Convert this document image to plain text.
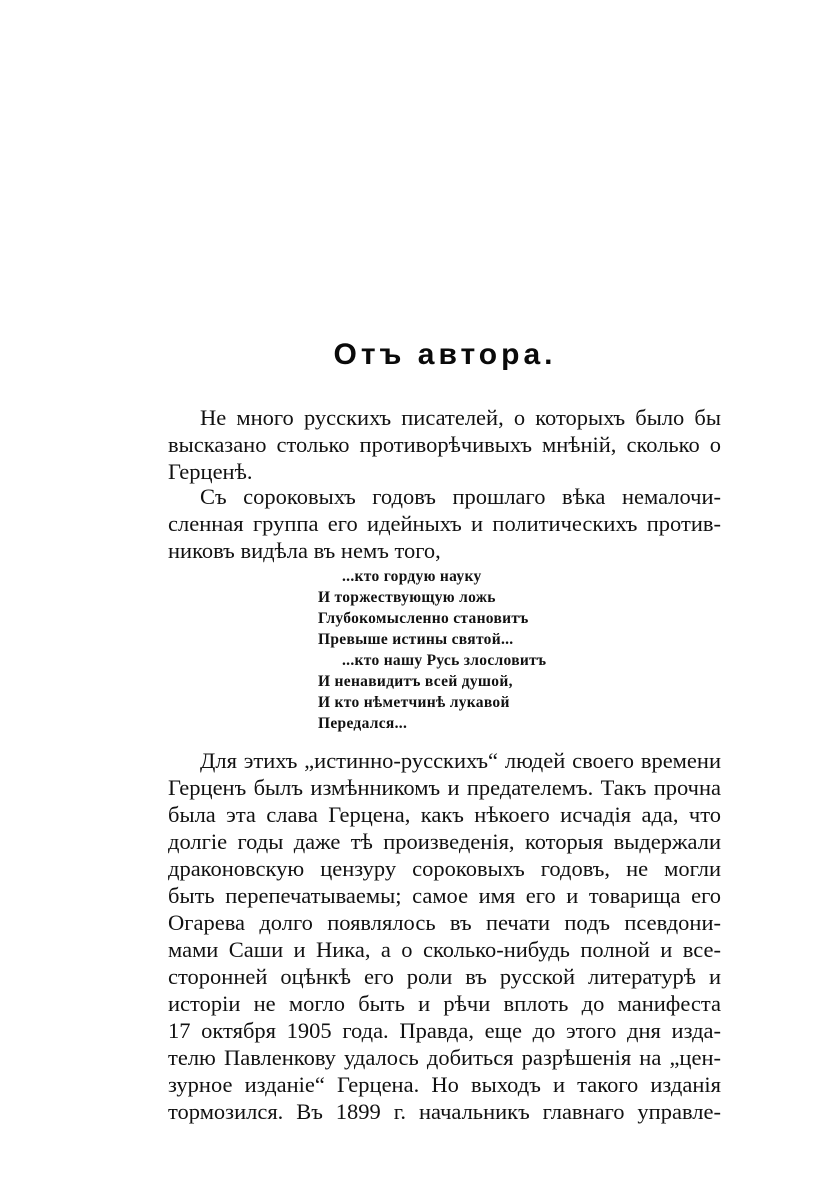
Отъ автора.
Не много русскихъ писателей, о которыхъ было бы
высказано столько противорѣчивыхъ мнѣній, сколько о
Герценѣ.
Съ сороковыхъ годовъ прошлаго вѣка немалочи-
сленная группа его идейныхъ и политическихъ против-
никовъ видѣла въ немъ того,
...кто гордую науку
И торжествующую ложь
Глубокомысленно становитъ
Превыше истины святой...
...кто нашу Русь злословитъ
И ненавидитъ всей душой,
И кто нѣметчинѣ лукавой
Передался...
Для этихъ „истинно-русскихъ“ людей своего времени
Герценъ былъ измѣнникомъ и предателемъ. Такъ прочна
была эта слава Герцена, какъ нѣкоего исчадія ада, что
долгіе годы даже тѣ произведенія, которыя выдержали
драконовскую цензуру сороковыхъ годовъ, не могли
быть перепечатываемы; самое имя его и товарища его
Огарева долго появлялось въ печати подъ псевдони-
мами Саши и Ника, а о сколько-нибудь полной и все-
сторонней оцѣнкѣ его роли въ русской литературѣ и
исторіи не могло быть и рѣчи вплоть до манифеста
17 октября 1905 года. Правда, еще до этого дня изда-
телю Павленкову удалось добиться разрѣшенія на „цен-
зурное изданіе“ Герцена. Но выходъ и такого изданія
тормозился. Въ 1899 г. начальникъ главнаго управле-
